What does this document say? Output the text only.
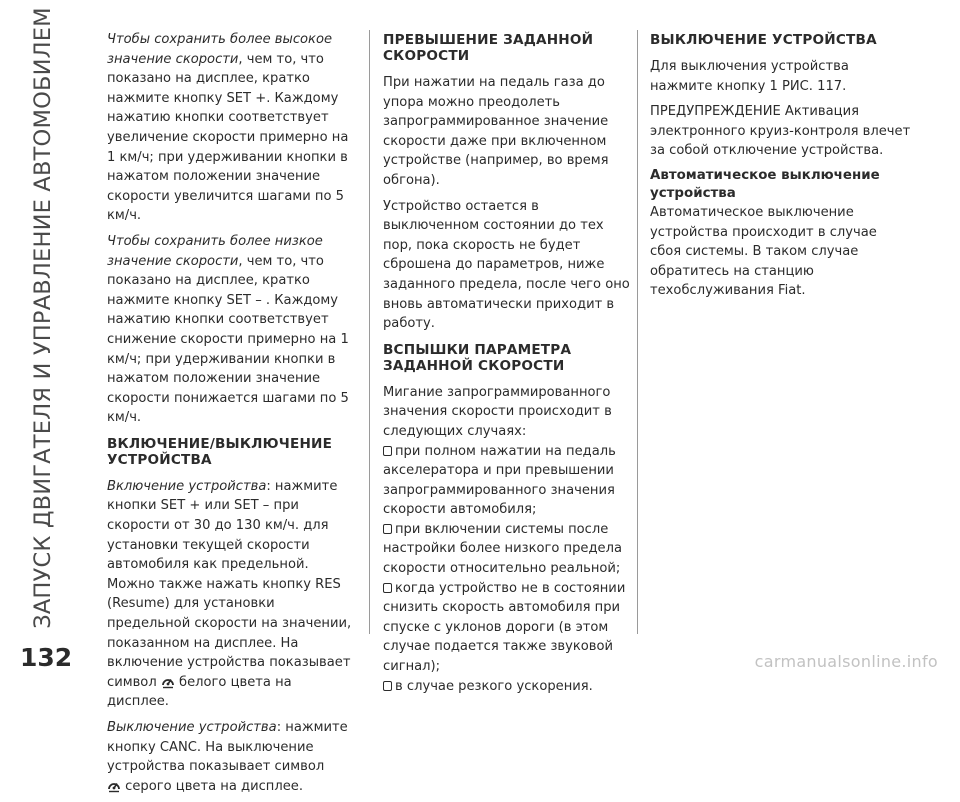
ЗАПУСК ДВИГАТЕЛЯ И УПРАВЛЕНИЕ АВТОМОБИЛЕМ	Чтобы сохранить более высокое значение скорости, чем то, что показано на дисплее, кратко нажмите кнопку SET +. Каждому нажатию кнопки соответствует увеличение скорости примерно на 1 км/ч; при удерживании кнопки в нажатом положении значение скорости увеличится шагами по 5 км/ч.

Чтобы сохранить более низкое значение скорости, чем то, что показано на дисплее, кратко нажмите кнопку SET – . Каждому нажатию кнопки соответствует снижение скорости примерно на 1 км/ч; при удерживании кнопки в нажатом положении значение скорости понижается шагами по 5 км/ч.

ВКЛЮЧЕНИЕ/ВЫКЛЮЧЕНИЕ УСТРОЙСТВА

Включение устройства: нажмите кнопки SET + или SET – при скорости от 30 до 130 км/ч. для установки текущей скорости автомобиля как предельной. Можно также нажать кнопку RES (Resume) для установки предельной скорости на значении, показанном на дисплее. На включение устройства показывает символ белого цвета на дисплее.

Выключение устройства: нажмите кнопку CANC. На выключение устройства показывает символ
серого цвета на дисплее.

ПРЕВЫШЕНИЕ ЗАДАННОЙ СКОРОСТИ

При нажатии на педаль газа до упора можно преодолеть запрограммированное значение скорости даже при включенном устройстве (например, во время обгона).

Устройство остается в выключенном состоянии до тех пор, пока скорость не будет сброшена до параметров, ниже заданного предела, после чего оно вновь автоматически приходит в работу.

ВСПЫШКИ ПАРАМЕТРА ЗАДАННОЙ СКОРОСТИ

Мигание запрограммированного значения скорости происходит в следующих случаях:

при полном нажатии на педаль акселератора и при превышении запрограммированного значения скорости автомобиля;
при включении системы после настройки более низкого предела скорости относительно реальной;
когда устройство не в состоянии снизить скорость автомобиля при спуске с уклонов дороги (в этом случае подается также звуковой сигнал);
в случае резкого ускорения.
ВЫКЛЮЧЕНИЕ УСТРОЙСТВА

Для выключения устройства нажмите кнопку 1 РИС. 117.

ПРЕДУПРЕЖДЕНИЕ Активация электронного круиз-контроля влечет за собой отключение устройства.

Автоматическое выключение устройства

Автоматическое выключение устройства происходит в случае сбоя системы. В таком случае обратитесь на станцию техобслуживания Fiat.

132	carmanualsonline.info
